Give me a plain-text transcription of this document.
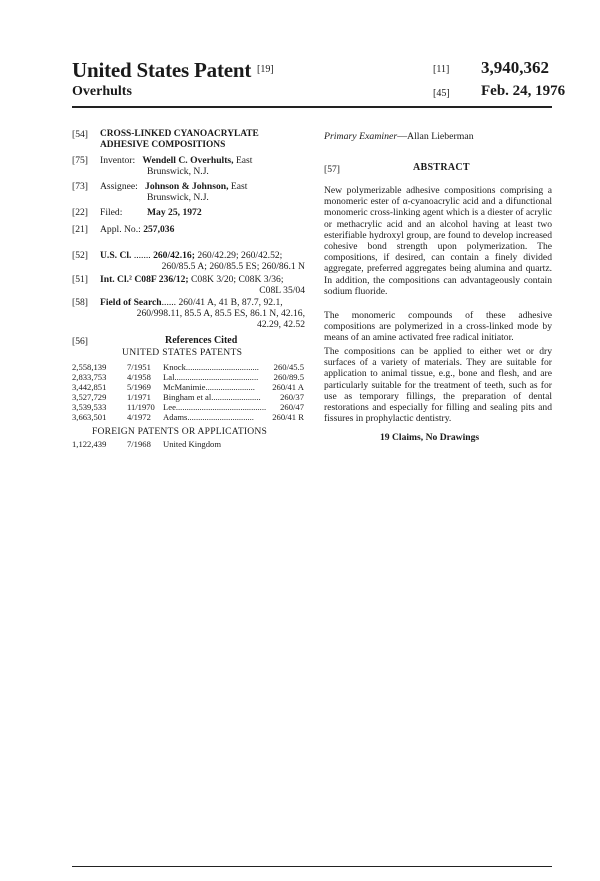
United States Patent [19]
Overhults
[11] 3,940,362
[45] Feb. 24, 1976
[54] CROSS-LINKED CYANOACRYLATE
ADHESIVE COMPOSITIONS
[75] Inventor: Wendell C. Overhults, East
Brunswick, N.J.
[73] Assignee: Johnson & Johnson, East
Brunswick, N.J.
[22] Filed:	May 25, 1972
[21] Appl. No.: 257,036
[52] U.S. Cl. ....... 260/42.16; 260/42.29; 260/42.52;
260/85.5 A; 260/85.5 ES; 260/86.1 N
[51] Int. Cl.² C08F 236/12; C08K 3/20; C08K 3/36;
C08L 35/04
[58] Field of Search...... 260/41 A, 41 B, 87.7, 92.1,
260/998.11, 85.5 A, 85.5 ES, 86.1 N, 42.16,
42.29, 42.52
[56]	References Cited
UNITED STATES PATENTS
2,558,139 7/1951 Knock.................................. 260/45.5
2,833,753 4/1958 Lal....................................... 260/89.5
3,442,851 5/1969 McManimie....................... 260/41 A
3,527,729 1/1971 Bingham et al....................... 260/37
3,539,533 11/1970 Lee.......................................... 260/47
3,663,501 4/1972 Adams............................... 260/41 R
FOREIGN PATENTS OR APPLICATIONS
1,122,439 7/1968 United Kingdom
Primary Examiner—Allan Lieberman
[57]	ABSTRACT
New polymerizable adhesive compositions comprising a monomeric ester of α-cyanoacrylic acid and a difunctional monomeric cross-linking agent which is a diester of acrylic or methacrylic acid and an alcohol having at least two esterifiable hydroxyl group, are found to develop increased cohesive bond strength upon polymerization. The compositions, if desired, can contain a finely divided aggregate, preferred aggregates being alumina and quartz. In addition, the compositions can advantageously contain sodium fluoride.
The monomeric compounds of these adhesive compositions are polymerized in a cross-linked mode by means of an amine activated free radical initiator.
The compositions can be applied to either wet or dry surfaces of a variety of materials. They are suitable for application to animal tissue, e.g., bone and flesh, and are particularly suitable for the treatment of teeth, such as for use as temporary fillings, the preparation of dental restorations and especially for filling and sealing pits and fissures in prophylactic dentistry.
19 Claims, No Drawings
